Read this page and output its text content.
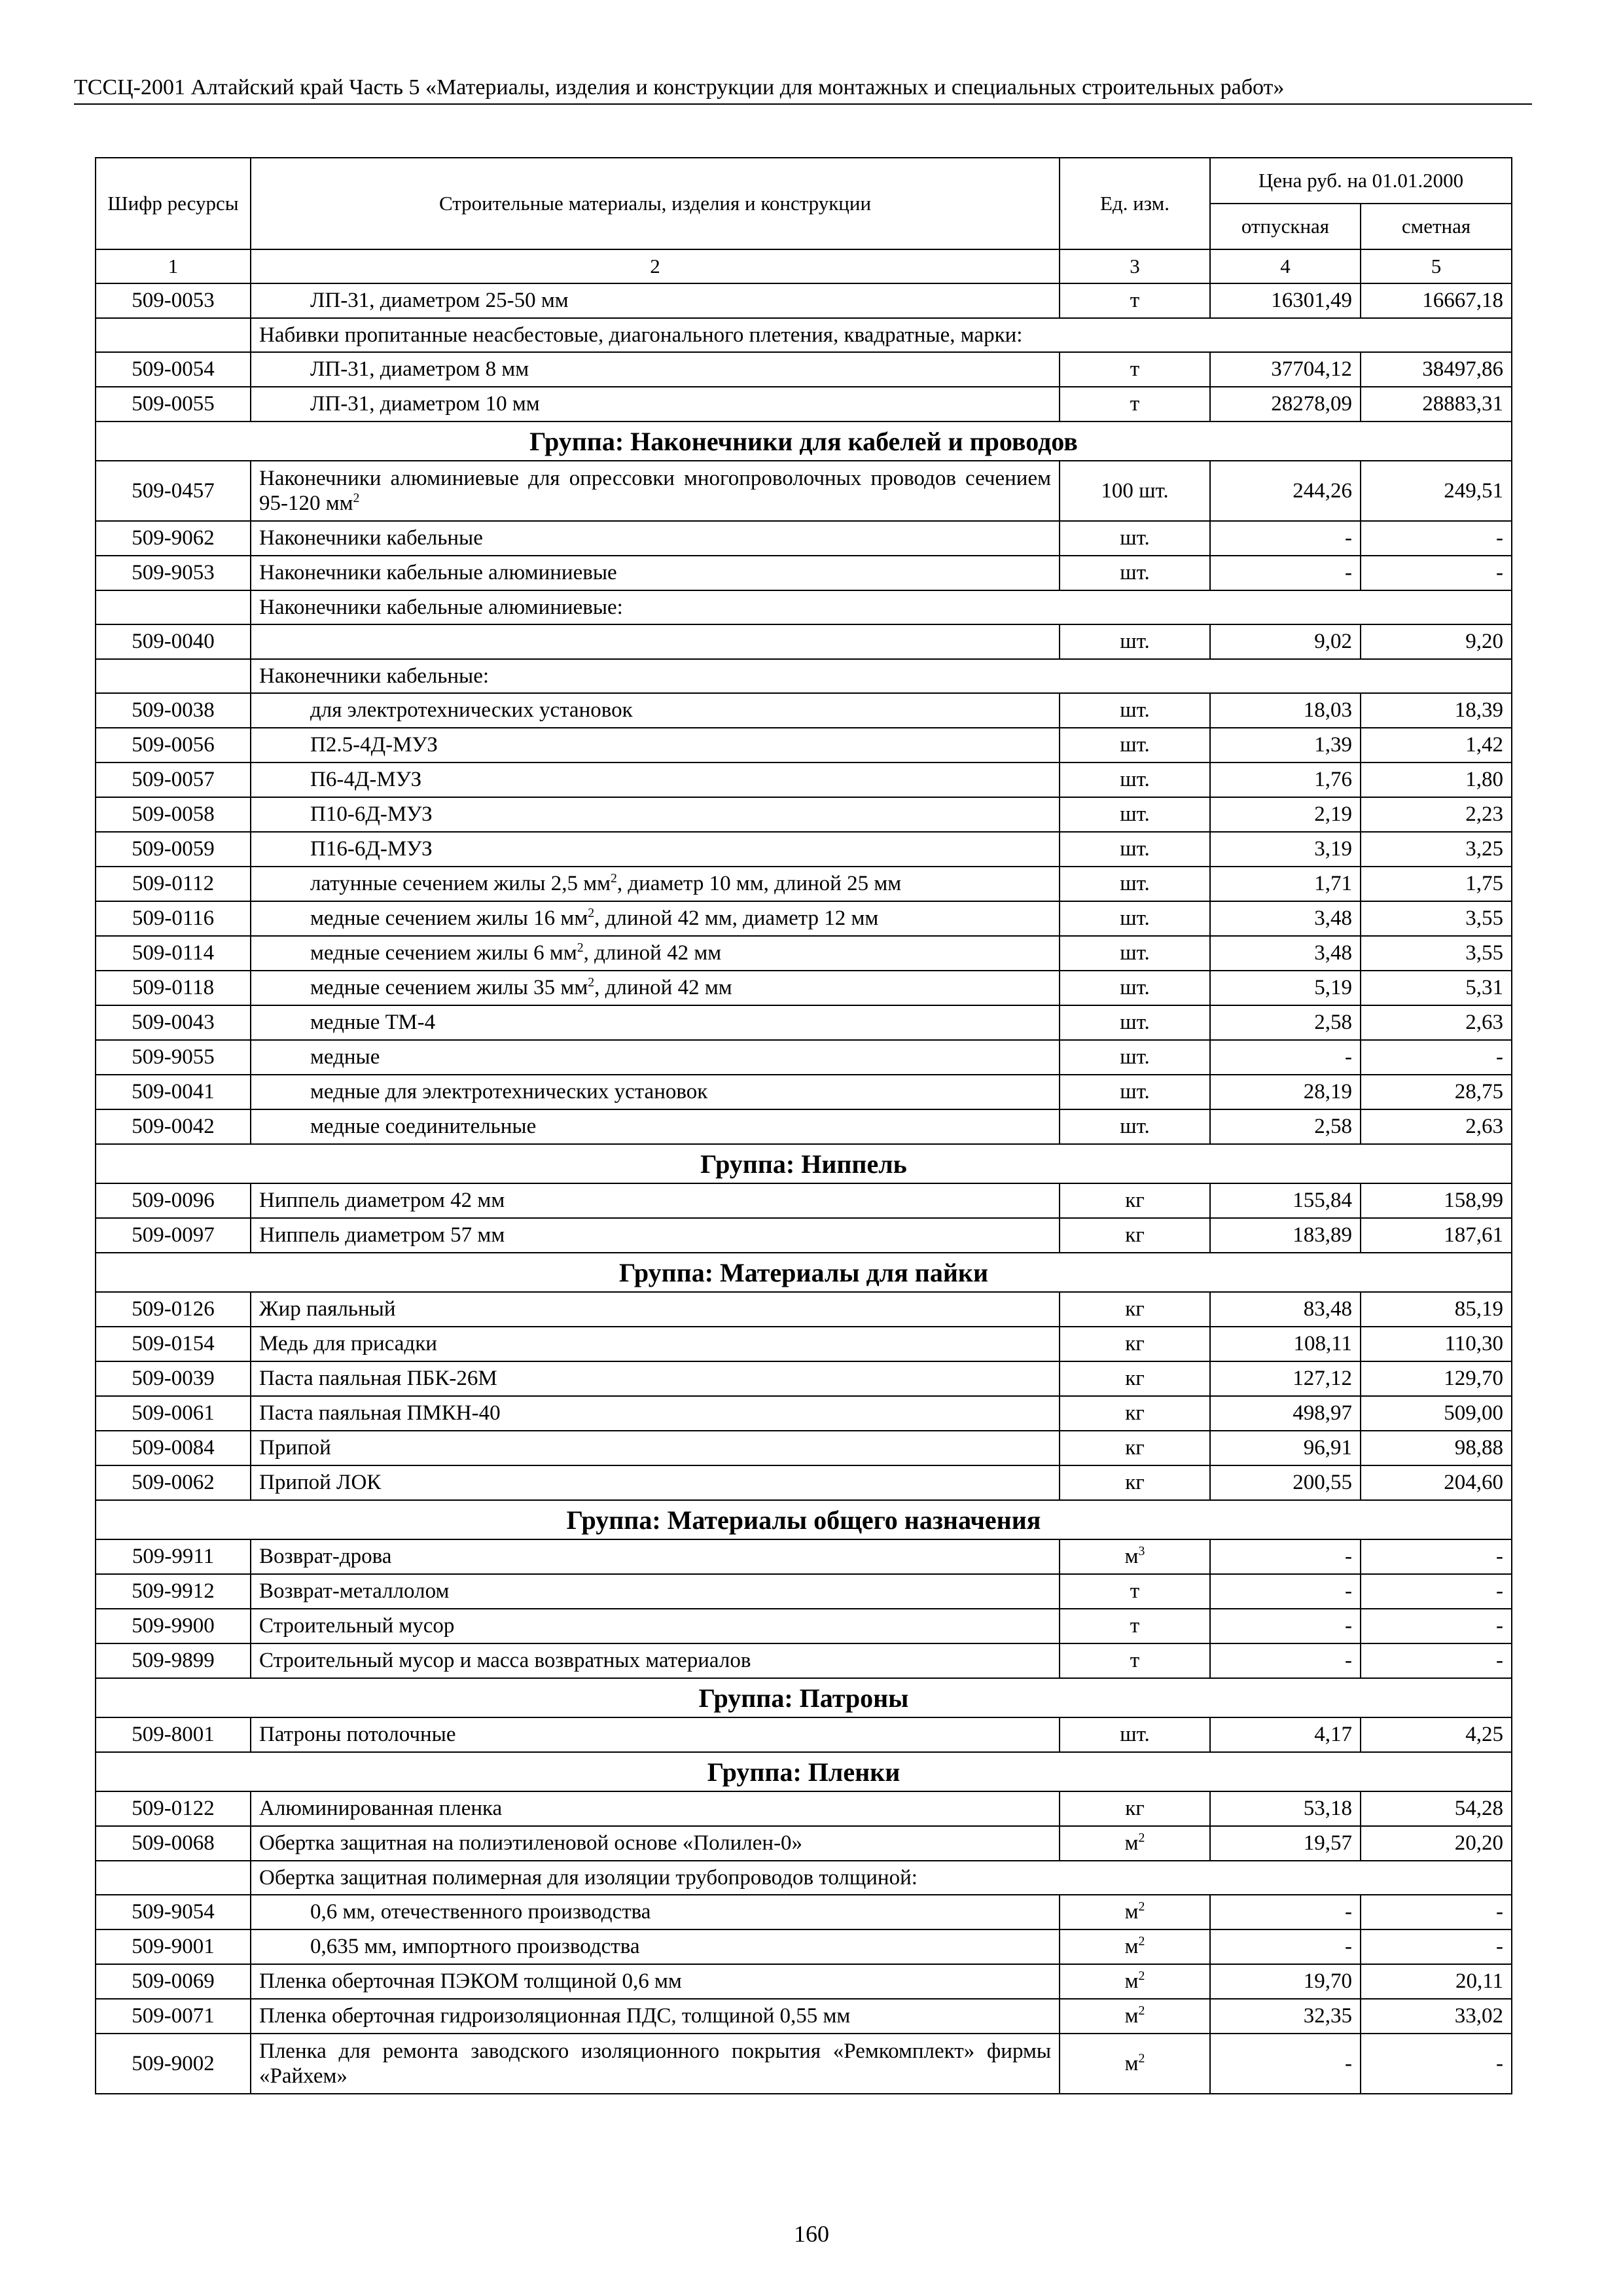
ТССЦ-2001 Алтайский край Часть 5 «Материалы, изделия и конструкции для монтажных и специальных строительных работ»
Шифр ресурсы	Строительные материалы, изделия и конструкции	Ед. изм.	Цена руб. на 01.01.2000	
			отпускная	сметная
1	2	3	4	5
509-0053	ЛП-31, диаметром 25-50 мм	т	16301,49	16667,18
	Набивки пропитанные неасбестовые, диагонального плетения, квадратные, марки:			
509-0054	ЛП-31, диаметром 8 мм	т	37704,12	38497,86
509-0055	ЛП-31, диаметром 10 мм	т	28278,09	28883,31
Группа: Наконечники для кабелей и проводов				
509-0457	Наконечники алюминиевые для опрессовки многопроволочных проводов сечением 95-120 $мм^2$	100 шт.	244,26	249,51
509-9062	Наконечники кабельные	шт.	-	-
509-9053	Наконечники кабельные алюминиевые	шт.	-	-
	Наконечники кабельные алюминиевые:			
509-0040		шт.	9,02	9,20
	Наконечники кабельные:			
509-0038	для электротехнических установок	шт.	18,03	18,39
509-0056	П2.5-4Д-МУЗ	шт.	1,39	1,42
509-0057	П6-4Д-МУЗ	шт.	1,76	1,80
509-0058	П10-6Д-МУЗ	шт.	2,19	2,23
509-0059	П16-6Д-МУЗ	шт.	3,19	3,25
509-0112	латунные сечением жилы 2,5 $мм^2$, диаметр 10 мм, длиной 25 мм	шт.	1,71	1,75
509-0116	медные сечением жилы 16 $мм^2$, длиной 42 мм, диаметр 12 мм	шт.	3,48	3,55
509-0114	медные сечением жилы 6 $мм^2$, длиной 42 мм	шт.	3,48	3,55
509-0118	медные сечением жилы 35 $мм^2$, длиной 42 мм	шт.	5,19	5,31
509-0043	медные ТМ-4	шт.	2,58	2,63
509-9055	медные	шт.	-	-
509-0041	медные для электротехнических установок	шт.	28,19	28,75
509-0042	медные соединительные	шт.	2,58	2,63
Группа: Ниппель				
509-0096	Ниппель диаметром 42 мм	кг	155,84	158,99
509-0097	Ниппель диаметром 57 мм	кг	183,89	187,61
Группа: Материалы для пайки				
509-0126	Жир паяльный	кг	83,48	85,19
509-0154	Медь для присадки	кг	108,11	110,30
509-0039	Паста паяльная ПБК-26М	кг	127,12	129,70
509-0061	Паста паяльная ПМКН-40	кг	498,97	509,00
509-0084	Припой	кг	96,91	98,88
509-0062	Припой ЛОК	кг	200,55	204,60
Группа: Материалы общего назначения				
509-9911	Возврат-дрова	$м^3$	-	-
509-9912	Возврат-металлолом	т	-	-
509-9900	Строительный мусор	т	-	-
509-9899	Строительный мусор и масса возвратных материалов	т	-	-
Группа: Патроны				
509-8001	Патроны потолочные	шт.	4,17	4,25
Группа: Пленки				
509-0122	Алюминированная пленка	кг	53,18	54,28
509-0068	Обертка защитная на полиэтиленовой основе «Полилен-0»	$м^2$	19,57	20,20
	Обертка защитная полимерная для изоляции трубопроводов толщиной:			
509-9054	0,6 мм, отечественного производства	$м^2$	-	-
509-9001	0,635 мм, импортного производства	$м^2$	-	-
509-0069	Пленка оберточная ПЭКОМ толщиной 0,6 мм	$м^2$	19,70	20,11
509-0071	Пленка оберточная гидроизоляционная ПДС, толщиной 0,55 мм	$м^2$	32,35	33,02
509-9002	Пленка для ремонта заводского изоляционного покрытия «Ремкомплект» фирмы «Райхем»	$м^2$	-	-
160
